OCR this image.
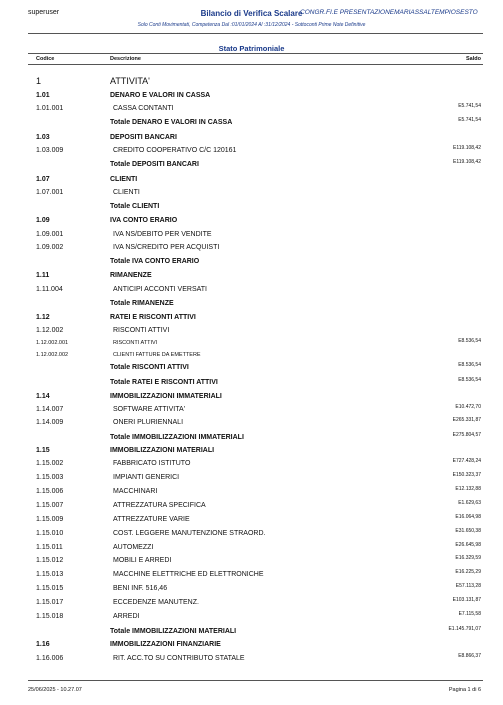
superuser	Bilancio di Verifica Scalare
CONGR.FI.E PRESENTAZIONEMARIASSALTEMPIOSESTO
Solo Conti Movimentati, Competenza Dal :01/01/2024 Al :31/12/2024 - Sottoconti Prime Note Definitive
Stato Patrimoniale
Codice	Descrizione	Saldo
1	ATTIVITA'
1.01	DENARO E VALORI IN CASSA
1.01.001	CASSA CONTANTI	E5.741,54
Totale DENARO E VALORI IN CASSA	E5.741,54
1.03	DEPOSITI BANCARI
1.03.009	CREDITO COOPERATIVO C/C 120161	E119.108,42
Totale DEPOSITI BANCARI	E119.108,42
1.07	CLIENTI
1.07.001	CLIENTI
Totale CLIENTI
1.09	IVA CONTO ERARIO
1.09.001	IVA NS/DEBITO PER VENDITE
1.09.002	IVA NS/CREDITO PER ACQUISTI
Totale IVA CONTO ERARIO
1.11	RIMANENZE
1.11.004	ANTICIPI ACCONTI VERSATI
Totale RIMANENZE
1.12	RATEI E RISCONTI ATTIVI
1.12.002	RISCONTI ATTIVI
1.12.002.001	RISCONTI ATTIVI	E8.536,54
1.12.002.002	CLIENTI FATTURE DA EMETTERE
Totale RISCONTI ATTIVI	E8.536,54
Totale RATEI E RISCONTI ATTIVI	E8.536,54
1.14	IMMOBILIZZAZIONI IMMATERIALI
1.14.007	SOFTWARE ATTIVITA'	E10.472,70
1.14.009	ONERI PLURIENNALI	E265.331,87
Totale IMMOBILIZZAZIONI IMMATERIALI	E275.804,57
1.15	IMMOBILIZZAZIONI MATERIALI
1.15.002	FABBRICATO ISTITUTO	E727.428,24
1.15.003	IMPIANTI GENERICI	E150.323,37
1.15.006	MACCHINARI	E12.132,88
1.15.007	ATTREZZATURA SPECIFICA	E1.629,63
1.15.009	ATTREZZATURE VARIE	E16.064,98
1.15.010	COST. LEGGERE MANUTENZIONE STRAORD.	E31.650,38
1.15.011	AUTOMEZZI	E26.645,98
1.15.012	MOBILI E ARREDI	E16.329,59
1.15.013	MACCHINE ELETTRICHE ED ELETTRONICHE	E16.225,29
1.15.015	BENI INF. 516,46	E57.113,28
1.15.017	ECCEDENZE MANUTENZ.	E103.131,87
1.15.018	ARREDI	E7.115,58
Totale IMMOBILIZZAZIONI MATERIALI	E1.145.791,07
1.16	IMMOBILIZZAZIONI FINANZIARIE
1.16.006	RIT. ACC.TO SU CONTRIBUTO STATALE	E8.866,37
25/06/2025 - 10.27.07	Pagina 1 di 6
